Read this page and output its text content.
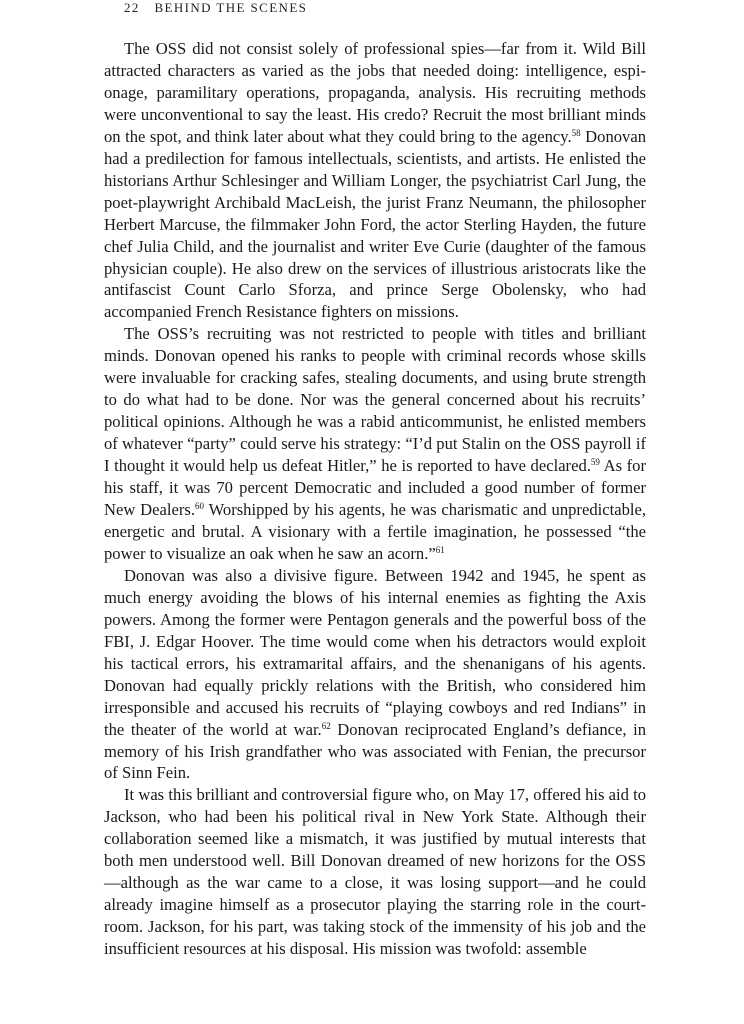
22 BEHIND THE SCENES

The OSS did not consist solely of professional spies—far from it. Wild Bill attracted characters as varied as the jobs that needed doing: intelligence, espionage, paramilitary operations, propaganda, analysis. His recruiting methods were unconventional to say the least. His credo? Recruit the most brilliant minds on the spot, and think later about what they could bring to the agency.$^{58}$ Donovan had a predilection for famous intellectuals, scientists, and artists. He enlisted the historians Arthur Schlesinger and William Longer, the psychiatrist Carl Jung, the poet-playwright Archibald MacLeish, the jurist Franz Neumann, the philosopher Herbert Marcuse, the filmmaker John Ford, the actor Sterling Hayden, the future chef Julia Child, and the journalist and writer Eve Curie (daughter of the famous physician couple). He also drew on the services of illustrious aristocrats like the antifascist Count Carlo Sforza, and prince Serge Obolensky, who had accompanied French Resistance fighters on missions.

The OSS’s recruiting was not restricted to people with titles and brilliant minds. Donovan opened his ranks to people with criminal records whose skills were invaluable for cracking safes, stealing documents, and using brute strength to do what had to be done. Nor was the general concerned about his recruits’ political opinions. Although he was a rabid anticommunist, he enlisted members of whatever “party” could serve his strategy: “I’d put Stalin on the OSS payroll if I thought it would help us defeat Hitler,” he is reported to have declared.$^{59}$ As for his staff, it was 70 percent Democratic and included a good number of former New Dealers.$^{60}$ Worshipped by his agents, he was charismatic and unpredictable, energetic and brutal. A visionary with a fertile imagination, he possessed “the power to visualize an oak when he saw an acorn.”$^{61}$

Donovan was also a divisive figure. Between 1942 and 1945, he spent as much energy avoiding the blows of his internal enemies as fighting the Axis powers. Among the former were Pentagon generals and the powerful boss of the FBI, J. Edgar Hoover. The time would come when his detractors would exploit his tactical errors, his extramarital affairs, and the shenanigans of his agents. Donovan had equally prickly relations with the British, who considered him irresponsible and accused his recruits of “playing cowboys and red Indians” in the theater of the world at war.$^{62}$ Donovan reciprocated England’s defiance, in memory of his Irish grandfather who was associated with Fenian, the precursor of Sinn Fein.

It was this brilliant and controversial figure who, on May 17, offered his aid to Jackson, who had been his political rival in New York State. Although their collaboration seemed like a mismatch, it was justified by mutual interests that both men understood well. Bill Donovan dreamed of new horizons for the OSS—although as the war came to a close, it was losing support—and he could already imagine himself as a prosecutor playing the starring role in the courtroom. Jackson, for his part, was taking stock of the immensity of his job and the insufficient resources at his disposal. His mission was twofold: assemble
